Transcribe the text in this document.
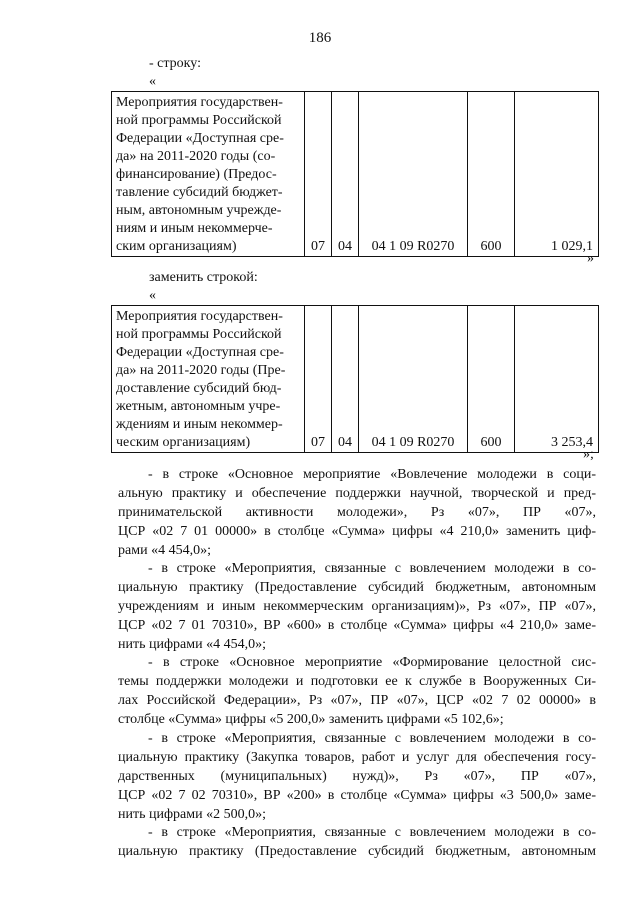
186
- строку:
«
Мероприятия государствен-
ной программы Российской
Федерации «Доступная сре-
да» на 2011-2020 годы (со-
финансирование) (Предос-
тавление субсидий бюджет-
ным, автономным учрежде-
ниям и иным некоммерче-
ским организациям)	07	04	04 1 09 R0270	600	1 029,1
»
заменить строкой:
«
Мероприятия государствен-
ной программы Российской
Федерации «Доступная сре-
да» на 2011-2020 годы (Пре-
доставление субсидий бюд-
жетным, автономным учре-
ждениям и иным некоммер-
ческим организациям)	07	04	04 1 09 R0270	600	3 253,4
»;
- в строке «Основное мероприятие «Вовлечение молодежи в соци-
альную практику и обеспечение поддержки научной, творческой и пред-
принимательской активности молодежи», Рз «07», ПР «07»,
ЦСР «02 7 01 00000» в столбце «Сумма» цифры «4 210,0» заменить циф-
рами «4 454,0»;
- в строке «Мероприятия, связанные с вовлечением молодежи в со-
циальную практику (Предоставление субсидий бюджетным, автономным
учреждениям и иным некоммерческим организациям)», Рз «07», ПР «07»,
ЦСР «02 7 01 70310», ВР «600» в столбце «Сумма» цифры «4 210,0» заме-
нить цифрами «4 454,0»;
- в строке «Основное мероприятие «Формирование целостной сис-
темы поддержки молодежи и подготовки ее к службе в Вооруженных Си-
лах Российской Федерации», Рз «07», ПР «07», ЦСР «02 7 02 00000» в
столбце «Сумма» цифры «5 200,0» заменить цифрами «5 102,6»;
- в строке «Мероприятия, связанные с вовлечением молодежи в со-
циальную практику (Закупка товаров, работ и услуг для обеспечения госу-
дарственных (муниципальных) нужд)», Рз «07», ПР «07»,
ЦСР «02 7 02 70310», ВР «200» в столбце «Сумма» цифры «3 500,0» заме-
нить цифрами «2 500,0»;
- в строке «Мероприятия, связанные с вовлечением молодежи в со-
циальную практику (Предоставление субсидий бюджетным, автономным
